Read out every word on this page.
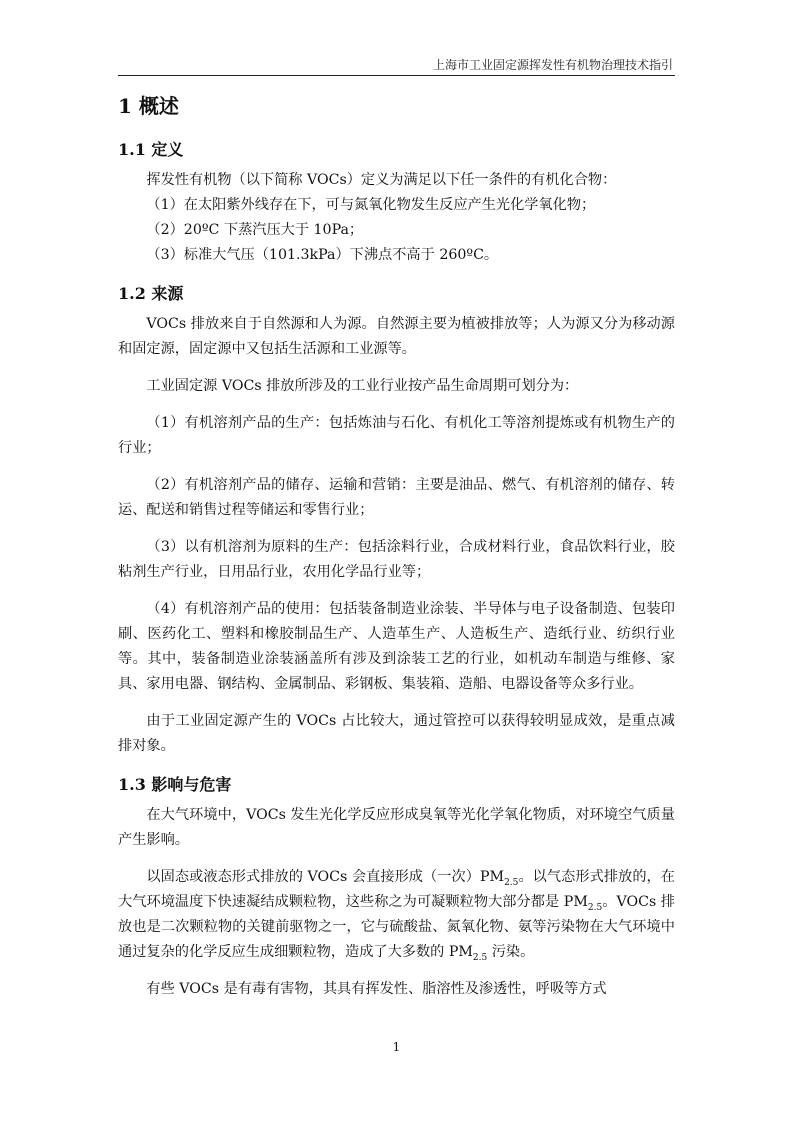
上海市工业固定源挥发性有机物治理技术指引
1 概述
1.1 定义

挥发性有机物（以下简称 VOCs）定义为满足以下任一条件的有机化合物：

（1）在太阳紫外线存在下，可与氮氧化物发生反应产生光化学氧化物；
（2）20ºC 下蒸汽压大于 10Pa；
（3）标准大气压（101.3kPa）下沸点不高于 260ºC。
1.2 来源

VOCs 排放来自于自然源和人为源。自然源主要为植被排放等；人为源又分为移动源和固定源，固定源中又包括生活源和工业源等。

工业固定源 VOCs 排放所涉及的工业行业按产品生命周期可划分为：

（1）有机溶剂产品的生产：包括炼油与石化、有机化工等溶剂提炼或有机物生产的行业；

（2）有机溶剂产品的储存、运输和营销：主要是油品、燃气、有机溶剂的储存、转运、配送和销售过程等储运和零售行业；

（3）以有机溶剂为原料的生产：包括涂料行业，合成材料行业，食品饮料行业，胶粘剂生产行业，日用品行业，农用化学品行业等；

（4）有机溶剂产品的使用：包括装备制造业涂装、半导体与电子设备制造、包装印刷、医药化工、塑料和橡胶制品生产、人造革生产、人造板生产、造纸行业、纺织行业等。其中，装备制造业涂装涵盖所有涉及到涂装工艺的行业，如机动车制造与维修、家具、家用电器、钢结构、金属制品、彩钢板、集装箱、造船、电器设备等众多行业。

由于工业固定源产生的 VOCs 占比较大，通过管控可以获得较明显成效，是重点减排对象。

1.3 影响与危害

在大气环境中，VOCs 发生光化学反应形成臭氧等光化学氧化物质，对环境空气质量产生影响。

以固态或液态形式排放的 VOCs 会直接形成（一次）$PM_{2.5}$。以气态形式排放的，在大气环境温度下快速凝结成颗粒物，这些称之为可凝颗粒物大部分都是 $PM_{2.5}$。VOCs 排放也是二次颗粒物的关键前驱物之一，它与硫酸盐、氮氧化物、氨等污染物在大气环境中通过复杂的化学反应生成细颗粒物，造成了大多数的 $PM_{2.5}$ 污染。

有些 VOCs 是有毒有害物，其具有挥发性、脂溶性及渗透性，呼吸等方式

1
